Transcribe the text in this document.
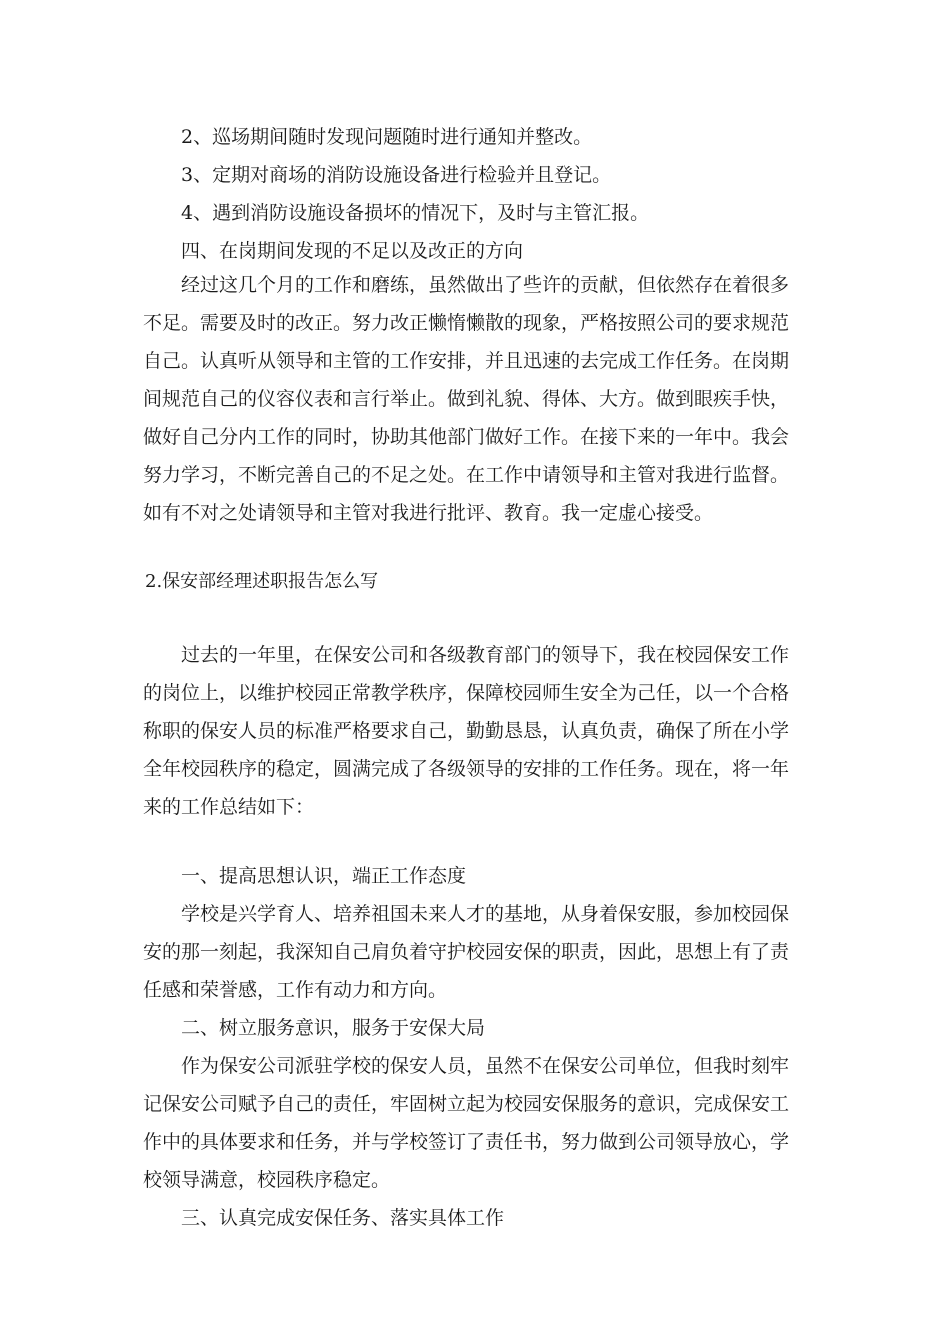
2、巡场期间随时发现问题随时进行通知并整改。
3、定期对商场的消防设施设备进行检验并且登记。
4、遇到消防设施设备损坏的情况下，及时与主管汇报。
四、在岗期间发现的不足以及改正的方向
经过这几个月的工作和磨练，虽然做出了些许的贡献，但依然存在着很多
不足。需要及时的改正。努力改正懒惰懒散的现象，严格按照公司的要求规范
自己。认真听从领导和主管的工作安排，并且迅速的去完成工作任务。在岗期
间规范自己的仪容仪表和言行举止。做到礼貌、得体、大方。做到眼疾手快，
做好自己分内工作的同时，协助其他部门做好工作。在接下来的一年中。我会
努力学习，不断完善自己的不足之处。在工作中请领导和主管对我进行监督。
如有不对之处请领导和主管对我进行批评、教育。我一定虚心接受。
2.保安部经理述职报告怎么写
过去的一年里，在保安公司和各级教育部门的领导下，我在校园保安工作
的岗位上，以维护校园正常教学秩序，保障校园师生安全为己任，以一个合格
称职的保安人员的标准严格要求自己，勤勤恳恳，认真负责，确保了所在小学
全年校园秩序的稳定，圆满完成了各级领导的安排的工作任务。现在，将一年
来的工作总结如下：
一、提高思想认识，端正工作态度
学校是兴学育人、培养祖国未来人才的基地，从身着保安服，参加校园保
安的那一刻起，我深知自己肩负着守护校园安保的职责，因此，思想上有了责
任感和荣誉感，工作有动力和方向。
二、树立服务意识，服务于安保大局
作为保安公司派驻学校的保安人员，虽然不在保安公司单位，但我时刻牢
记保安公司赋予自己的责任，牢固树立起为校园安保服务的意识，完成保安工
作中的具体要求和任务，并与学校签订了责任书，努力做到公司领导放心，学
校领导满意，校园秩序稳定。
三、认真完成安保任务、落实具体工作
